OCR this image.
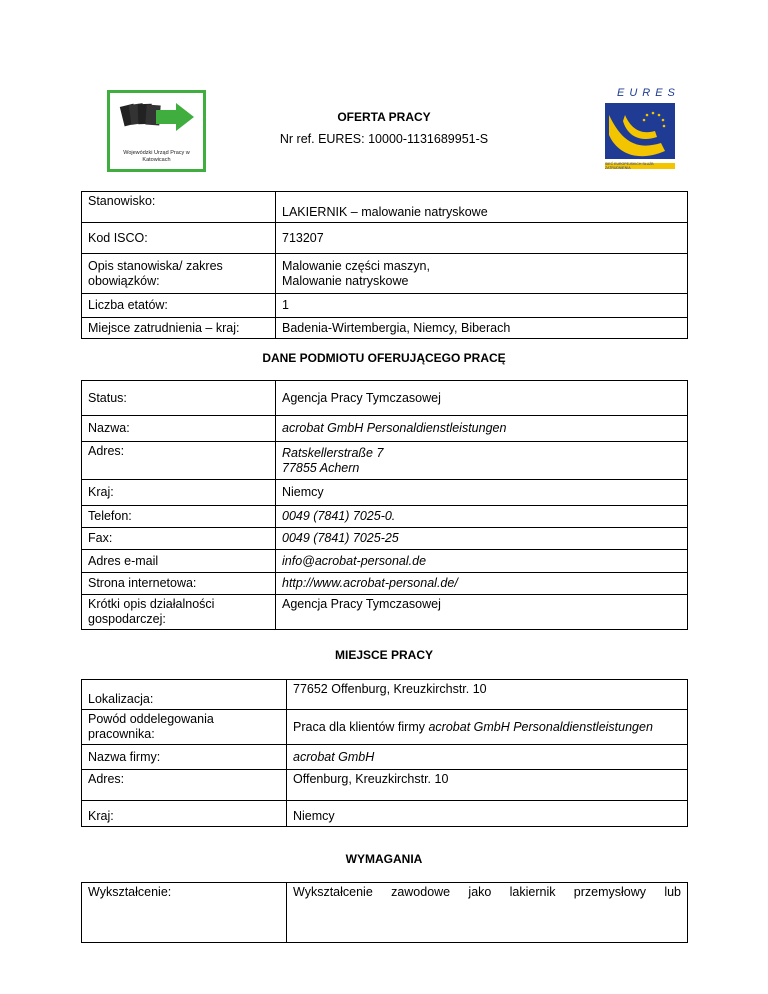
Wojewódzki Urząd Pracy w Katowicach
OFERTA PRACY
Nr ref. EURES: 10000-1131689951-S
EURES
SIEĆ EUROPEJSKICH SŁUŻB ZATRUDNIENIA
Stanowisko:	LAKIERNIK – malowanie natryskowe
Kod ISCO:	713207
Opis stanowiska/ zakres obowiązków:	Malowanie części maszyn,
Malowanie natryskowe

Liczba etatów:	1
Miejsce zatrudnienia – kraj:	Badenia-Wirtembergia, Niemcy, Biberach
DANE PODMIOTU OFERUJĄCEGO PRACĘ
Status:	Agencja Pracy Tymczasowej
Nazwa:	acrobat GmbH Personaldienstleistungen
Adres:	Ratskellerstraße 7
77855 Achern

Kraj:	Niemcy
Telefon:	0049 (7841) 7025-0.
Fax:	0049 (7841) 7025-25
Adres e-mail	info@acrobat-personal.de
Strona internetowa:	http://www.acrobat-personal.de/
Krótki opis działalności gospodarczej:	Agencja Pracy Tymczasowej
MIEJSCE PRACY
Lokalizacja:	77652 Offenburg, Kreuzkirchstr. 10
Powód oddelegowania pracownika:	Praca dla klientów firmy acrobat GmbH Personaldienstleistungen
Nazwa firmy:	acrobat GmbH
Adres:	Offenburg, Kreuzkirchstr. 10
Kraj:	Niemcy
WYMAGANIA
Wykształcenie:	Wykształcenie zawodowe jako lakiernik przemysłowy lub
